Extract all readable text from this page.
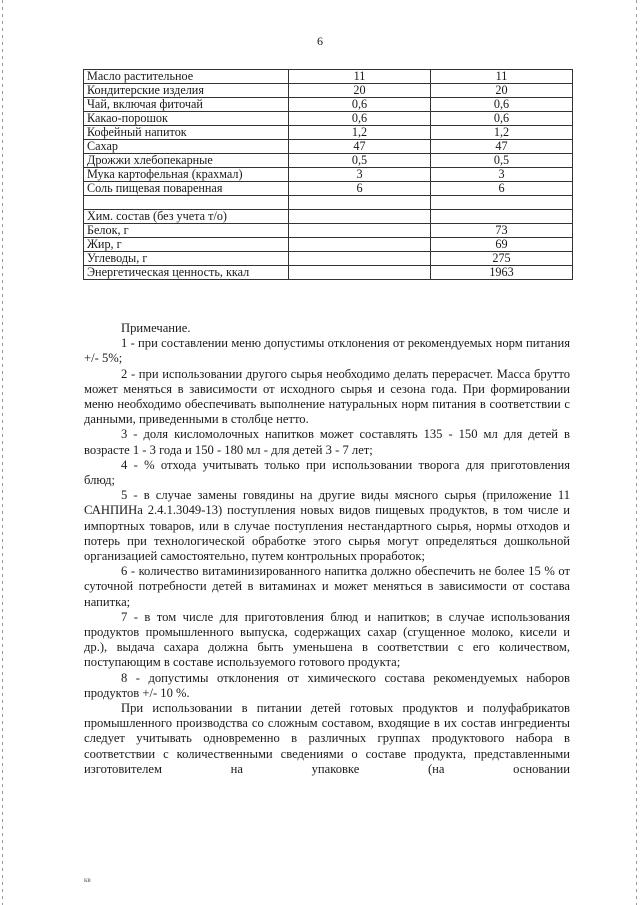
6
Масло растительное	11	11
Кондитерские изделия	20	20
Чай, включая фиточай	0,6	0,6
Какао-порошок	0,6	0,6
Кофейный напиток	1,2	1,2
Сахар	47	47
Дрожжи хлебопекарные	0,5	0,5
Мука картофельная (крахмал)	3	3
Соль пищевая поваренная	6	6

Хим. состав (без учета т/о)		
Белок, г		73
Жир, г		69
Углеводы, г		275
Энергетическая ценность, ккал		1963

Примечание.

1 - при составлении меню допустимы отклонения от рекомендуемых норм питания +/- 5%;

2 - при использовании другого сырья необходимо делать перерасчет. Масса брутто может меняться в зависимости от исходного сырья и сезона года. При формировании меню необходимо обеспечивать выполнение натуральных норм питания в соответствии с данными, приведенными в столбце нетто.

3 - доля кисломолочных напитков может составлять 135 - 150 мл для детей в возрасте 1 - 3 года и 150 - 180 мл - для детей 3 - 7 лет;

4 - % отхода учитывать только при использовании творога для приготовления блюд;

5 - в случае замены говядины на другие виды мясного сырья (приложение 11 САНПИНа 2.4.1.3049-13) поступления новых видов пищевых продуктов, в том числе и импортных товаров, или в случае поступления нестандартного сырья, нормы отходов и потерь при технологической обработке этого сырья могут определяться дошкольной организацией самостоятельно, путем контрольных проработок;

6 - количество витаминизированного напитка должно обеспечить не более 15 % от суточной потребности детей в витаминах и может меняться в зависимости от состава напитка;

7 - в том числе для приготовления блюд и напитков; в случае использования продуктов промышленного выпуска, содержащих сахар (сгущенное молоко, кисели и др.), выдача сахара должна быть уменьшена в соответствии с его количеством, поступающим в составе используемого готового продукта;

8 - допустимы отклонения от химического состава рекомендуемых наборов продуктов +/- 10 %.

При использовании в питании детей готовых продуктов и полуфабрикатов промышленного производства со сложным составом, входящие в их состав ингредиенты следует учитывать одновременно в различных группах продуктового набора в соответствии с количественными сведениями о составе продукта, представленными изготовителем на упаковке (на основании

кв
